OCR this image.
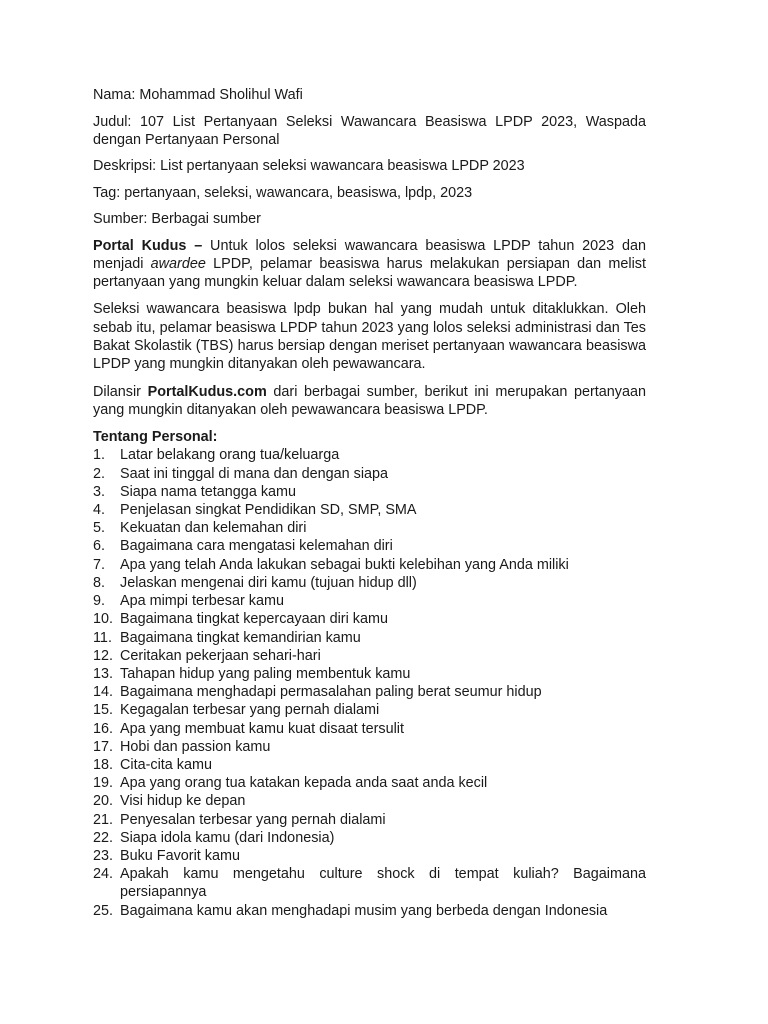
Nama: Mohammad Sholihul Wafi

Judul: 107 List Pertanyaan Seleksi Wawancara Beasiswa LPDP 2023, Waspada dengan Pertanyaan Personal

Deskripsi: List pertanyaan seleksi wawancara beasiswa LPDP 2023

Tag: pertanyaan, seleksi, wawancara, beasiswa, lpdp, 2023

Sumber: Berbagai sumber

Portal Kudus – Untuk lolos seleksi wawancara beasiswa LPDP tahun 2023 dan menjadi awardee LPDP, pelamar beasiswa harus melakukan persiapan dan melist pertanyaan yang mungkin keluar dalam seleksi wawancara beasiswa LPDP.

Seleksi wawancara beasiswa lpdp bukan hal yang mudah untuk ditaklukkan. Oleh sebab itu, pelamar beasiswa LPDP tahun 2023 yang lolos seleksi administrasi dan Tes Bakat Skolastik (TBS) harus bersiap dengan meriset pertanyaan wawancara beasiswa LPDP yang mungkin ditanyakan oleh pewawancara.

Dilansir PortalKudus.com dari berbagai sumber, berikut ini merupakan pertanyaan yang mungkin ditanyakan oleh pewawancara beasiswa LPDP.

Tentang Personal:

1.	Latar belakang orang tua/keluarga
2.	Saat ini tinggal di mana dan dengan siapa
3.	Siapa nama tetangga kamu
4.	Penjelasan singkat Pendidikan SD, SMP, SMA
5.	Kekuatan dan kelemahan diri
6.	Bagaimana cara mengatasi kelemahan diri
7.	Apa yang telah Anda lakukan sebagai bukti kelebihan yang Anda miliki
8.	Jelaskan mengenai diri kamu (tujuan hidup dll)
9.	Apa mimpi terbesar kamu
10. Bagaimana tingkat kepercayaan diri kamu
11. Bagaimana tingkat kemandirian kamu
12. Ceritakan pekerjaan sehari-hari
13. Tahapan hidup yang paling membentuk kamu
14. Bagaimana menghadapi permasalahan paling berat seumur hidup
15. Kegagalan terbesar yang pernah dialami
16. Apa yang membuat kamu kuat disaat tersulit
17. Hobi dan passion kamu
18. Cita-cita kamu
19. Apa yang orang tua katakan kepada anda saat anda kecil
20. Visi hidup ke depan
21. Penyesalan terbesar yang pernah dialami
22. Siapa idola kamu (dari Indonesia)
23. Buku Favorit kamu
24. Apakah kamu mengetahu culture shock di tempat kuliah? Bagaimana persiapannya
25. Bagaimana kamu akan menghadapi musim yang berbeda dengan Indonesia
